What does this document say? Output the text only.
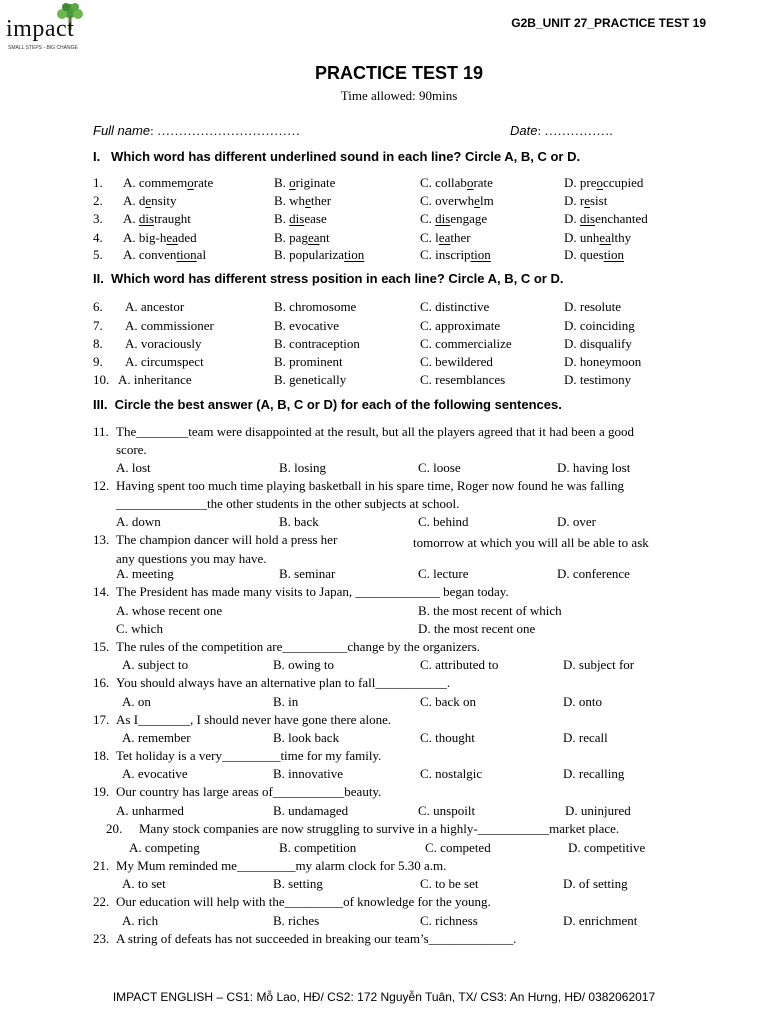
impact
SMALL STEPS - BIG CHANGE
G2B_UNIT 27_PRACTICE TEST 19
PRACTICE TEST 19
Time allowed: 90mins
Full name: ……………………………	Date: …………….
I.   Which word has different underlined sound in each line? Circle A, B, C or D.
1. A. commemorate	B. originate	C. collaborate	D. preoccupied
2. A. density	B. whether	C. overwhelm	D. resist
3. A. distraught	B. disease	C. disengage	D. disenchanted
4. A. big-headed	B. pageant	C. leather	D. unhealthy
5. A. conventional	B. popularization	C. inscription	D. question
II.  Which word has different stress position in each line? Circle A, B, C or D.
6. A. ancestor	B. chromosome	C. distinctive	D. resolute
7. A. commissioner	B. evocative	C. approximate	D. coinciding
8. A. voraciously	B. contraception	C. commercialize	D. disqualify
9. A. circumspect	B. prominent	C. bewildered	D. honeymoon
10. A. inheritance	B. genetically	C. resemblances	D. testimony
III.  Circle the best answer (A, B, C or D) for each of the following sentences.
11. The________team were disappointed at the result, but all the players agreed that it had been a good
score.
A. lost	B. losing	C. loose	D. having lost
12. Having spent too much time playing basketball in his spare time, Roger now found he was falling
______________the other students in the other subjects at school.
A. down	B. back	C. behind	D. over
13. The champion dancer will hold a press her	tomorrow at which you will all be able to ask
any questions you may have.
A. meeting	B. seminar	C. lecture	D. conference
14. The President has made many visits to Japan, _____________ began today.
A. whose recent one	B. the most recent of which
C. which	D. the most recent one
15. The rules of the competition are__________change by the organizers.
A. subject to	B. owing to	C. attributed to	D. subject for
16. You should always have an alternative plan to fall___________.
A. on	B. in	C. back on	D. onto
17. As I________, I should never have gone there alone.
A. remember	B. look back	C. thought	D. recall
18. Tet holiday is a very_________time for my family.
A. evocative	B. innovative	C. nostalgic	D. recalling
19. Our country has large areas of___________beauty.
A. unharmed	B. undamaged	C. unspoilt	D. uninjured
21. My Mum reminded me_________my alarm clock for 5.30 a.m.
A. to set	B. setting	C. to be set	D. of setting
22. Our education will help with the_________of knowledge for the young.
A. rich	B. riches	C. richness	D. enrichment
20. Many stock companies are now struggling to survive in a highly-___________market place.
A. competing	B. competition	C. competed	D. competitive
23. A string of defeats has not succeeded in breaking our team’s_____________.
IMPACT ENGLISH – CS1: Mỗ Lao, HĐ/ CS2: 172 Nguyễn Tuân, TX/ CS3: An Hưng, HĐ/ 0382062017
